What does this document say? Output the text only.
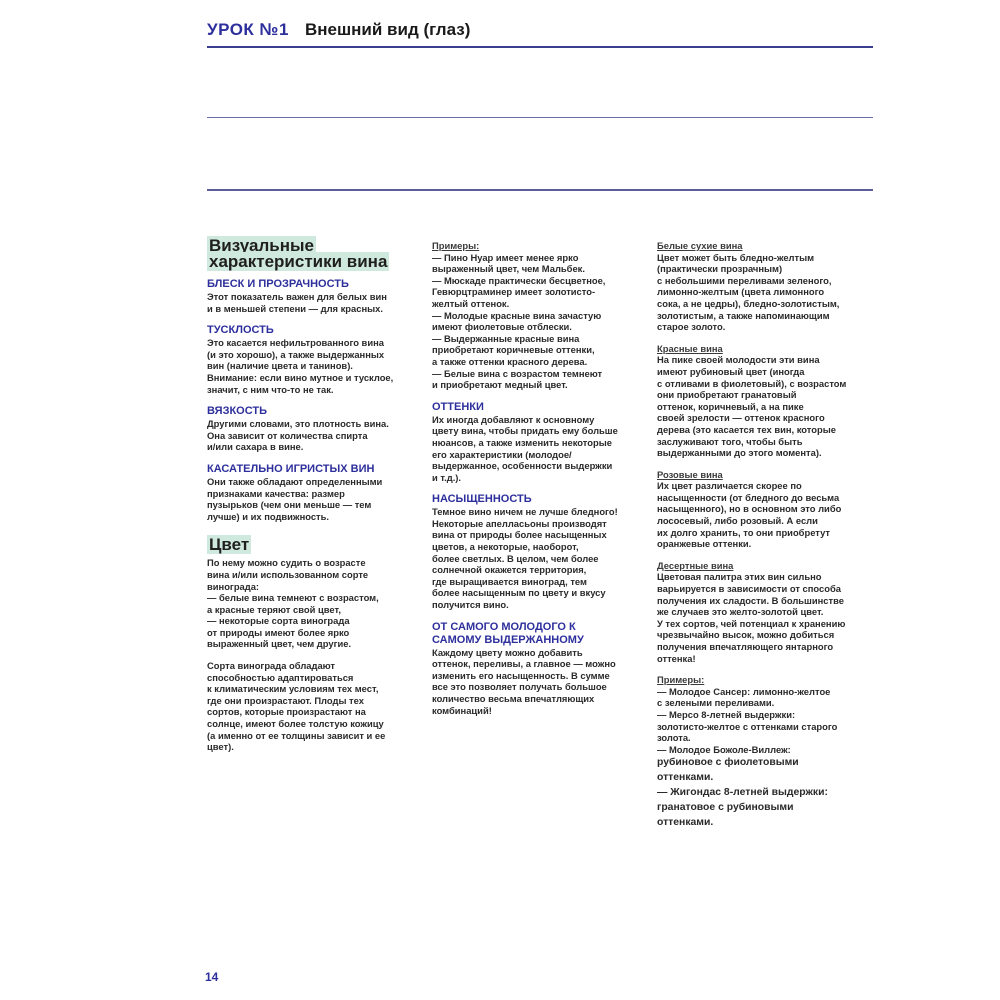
УРОК №1 Внешний вид (глаз)
Визуальные
характеристики вина

БЛЕСК И ПРОЗРАЧНОСТЬ

Этот показатель важен для белых вин
и в меньшей степени — для красных.

ТУСКЛОСТЬ

Это касается нефильтрованного вина
(и это хорошо), а также выдержанных
вин (наличие цвета и танинов).
Внимание: если вино мутное и тусклое,
значит, с ним что-то не так.

ВЯЗКОСТЬ

Другими словами, это плотность вина.
Она зависит от количества спирта
и/или сахара в вине.

КАСАТЕЛЬНО ИГРИСТЫХ ВИН

Они также обладают определенными
признаками качества: размер
пузырьков (чем они меньше — тем
лучше) и их подвижность.

Цвет

По нему можно судить о возрасте
вина и/или использованном сорте
винограда:
— белые вина темнеют с возрастом,
а красные теряют свой цвет,
— некоторые сорта винограда
от природы имеют более ярко
выраженный цвет, чем другие.

Сорта винограда обладают
способностью адаптироваться
к климатическим условиям тех мест,
где они произрастают. Плоды тех
сортов, которые произрастают на
солнце, имеют более толстую кожицу
(а именно от ее толщины зависит и ее
цвет).

Примеры:

— Пино Нуар имеет менее ярко
выраженный цвет, чем Мальбек.
— Мюскаде практически бесцветное,
Гевюрцтраминер имеет золотисто-
желтый оттенок.
— Молодые красные вина зачастую
имеют фиолетовые отблески.
— Выдержанные красные вина
приобретают коричневые оттенки,
а также оттенки красного дерева.
— Белые вина с возрастом темнеют
и приобретают медный цвет.

ОТТЕНКИ

Их иногда добавляют к основному
цвету вина, чтобы придать ему больше
нюансов, а также изменить некоторые
его характеристики (молодое/
выдержанное, особенности выдержки
и т.д.).

НАСЫЩЕННОСТЬ

Темное вино ничем не лучше бледного!
Некоторые апелласьоны производят
вина от природы более насыщенных
цветов, а некоторые, наоборот,
более светлых. В целом, чем более
солнечной окажется территория,
где выращивается виноград, тем
более насыщенным по цвету и вкусу
получится вино.

ОТ САМОГО МОЛОДОГО К
САМОМУ ВЫДЕРЖАННОМУ

Каждому цвету можно добавить
оттенок, переливы, а главное — можно
изменить его насыщенность. В сумме
все это позволяет получать большое
количество весьма впечатляющих
комбинаций!

Белые сухие вина

Цвет может быть бледно-желтым
(практически прозрачным)
с небольшими переливами зеленого,
лимонно-желтым (цвета лимонного
сока, а не цедры), бледно-золотистым,
золотистым, а также напоминающим
старое золото.

Красные вина

На пике своей молодости эти вина
имеют рубиновый цвет (иногда
с отливами в фиолетовый), с возрастом
они приобретают гранатовый
оттенок, коричневый, а на пике
своей зрелости — оттенок красного
дерева (это касается тех вин, которые
заслуживают того, чтобы быть
выдержанными до этого момента).

Розовые вина

Их цвет различается скорее по
насыщенности (от бледного до весьма
насыщенного), но в основном это либо
лососевый, либо розовый. А если
их долго хранить, то они приобретут
оранжевые оттенки.

Десертные вина

Цветовая палитра этих вин сильно
варьируется в зависимости от способа
получения их сладости. В большинстве
же случаев это желто-золотой цвет.
У тех сортов, чей потенциал к хранению
чрезвычайно высок, можно добиться
получения впечатляющего янтарного
оттенка!

Примеры:

— Молодое Сансер: лимонно-желтое
с зелеными переливами.
— Мерсо 8-летней выдержки:
золотисто-желтое с оттенками старого
золота.
— Молодое Божоле-Виллеж:

рубиновое с фиолетовыми
оттенками.
— Жигондас 8-летней выдержки:
гранатовое с рубиновыми
оттенками.

14
